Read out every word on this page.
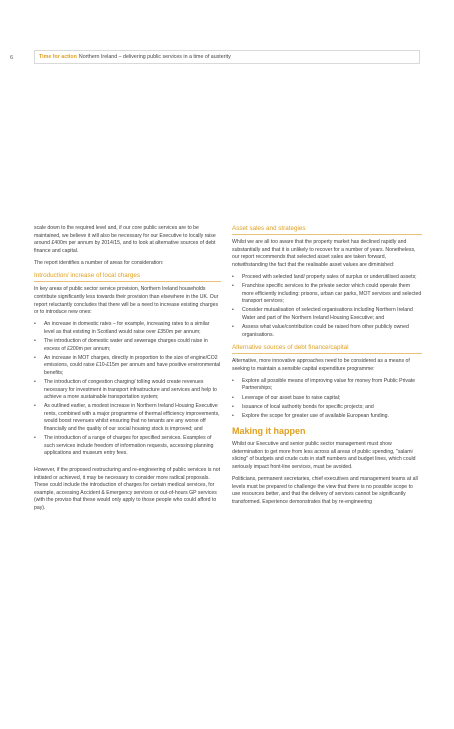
6	Time for action Northern Ireland – delivering public services in a time of austerity

scale down to the required level and, if our core public services are to be maintained, we believe it will also be necessary for our Executive to locally raise around £400m per annum by 2014/15, and to look at alternative sources of debt finance and capital.

The report identifies a number of areas for consideration:

Introduction/ increase of local charges

In key areas of public sector service provision, Northern Ireland households contribute significantly less towards their provision than elsewhere in the UK. Our report reluctantly concludes that there will be a need to increase existing charges or to introduce new ones:

• An increase in domestic rates – for example, increasing rates to a similar level as that existing in Scotland would raise over £350m per annum;
• The introduction of domestic water and sewerage charges could raise in excess of £200m per annum;
• An increase in MOT charges, directly in proportion to the size of engine/CO2 emissions, could raise £10-£15m per annum and have positive environmental benefits;
• The introduction of congestion charging/ tolling would create revenues necessary for investment in transport infrastructure and services and help to achieve a more sustainable transportation system;
• As outlined earlier, a modest increase in Northern Ireland Housing Executive rents, combined with a major programme of thermal efficiency improvements, would boost revenues whilst ensuring that no tenants are any worse off financially and the quality of our social housing stock is improved; and
• The introduction of a range of charges for specified services. Examples of such services include freedom of information requests, accessing planning applications and museum entry fees.

However, if the proposed restructuring and re-engineering of public services is not initiated or achieved, it may be necessary to consider more radical proposals. These could include the introduction of charges for certain medical services, for example, accessing Accident & Emergency services or out-of-hours GP services (with the proviso that these would only apply to those people who could afford to pay).

Asset sales and strategies

Whilst we are all too aware that the property market has declined rapidly and substantially and that it is unlikely to recover for a number of years. Nonetheless, our report recommends that selected asset sales are taken forward, notwithstanding the fact that the realisable asset values are diminished:

• Proceed with selected land/ property sales of surplus or underutilised assets;
• Franchise specific services to the private sector which could operate them more efficiently including: prisons, urban car parks, MOT services and selected transport services;
• Consider mutualisation of selected organisations including Northern Ireland Water and part of the Northern Ireland Housing Executive; and
• Assess what value/contribution could be raised from other publicly owned organisations.
Alternative sources of debt finance/capital

Alternative, more innovative approaches need to be considered as a means of seeking to maintain a sensible capital expenditure programme:

• Explore all possible means of improving value for money from Public Private Partnerships;
• Leverage of our asset base to raise capital;
• Issuance of local authority bonds for specific projects; and
• Explore the scope for greater use of available European funding.
Making it happen

Whilst our Executive and senior public sector management must show determination to get more from less across all areas of public spending, "salami slicing" of budgets and crude cuts in staff numbers and budget lines, which could seriously impact front-line services, must be avoided.

Politicians, permanent secretaries, chief executives and management teams at all levels must be prepared to challenge the view that there is no possible scope to use resources better, and that the delivery of services cannot be significantly transformed. Experience demonstrates that by re-engineering
